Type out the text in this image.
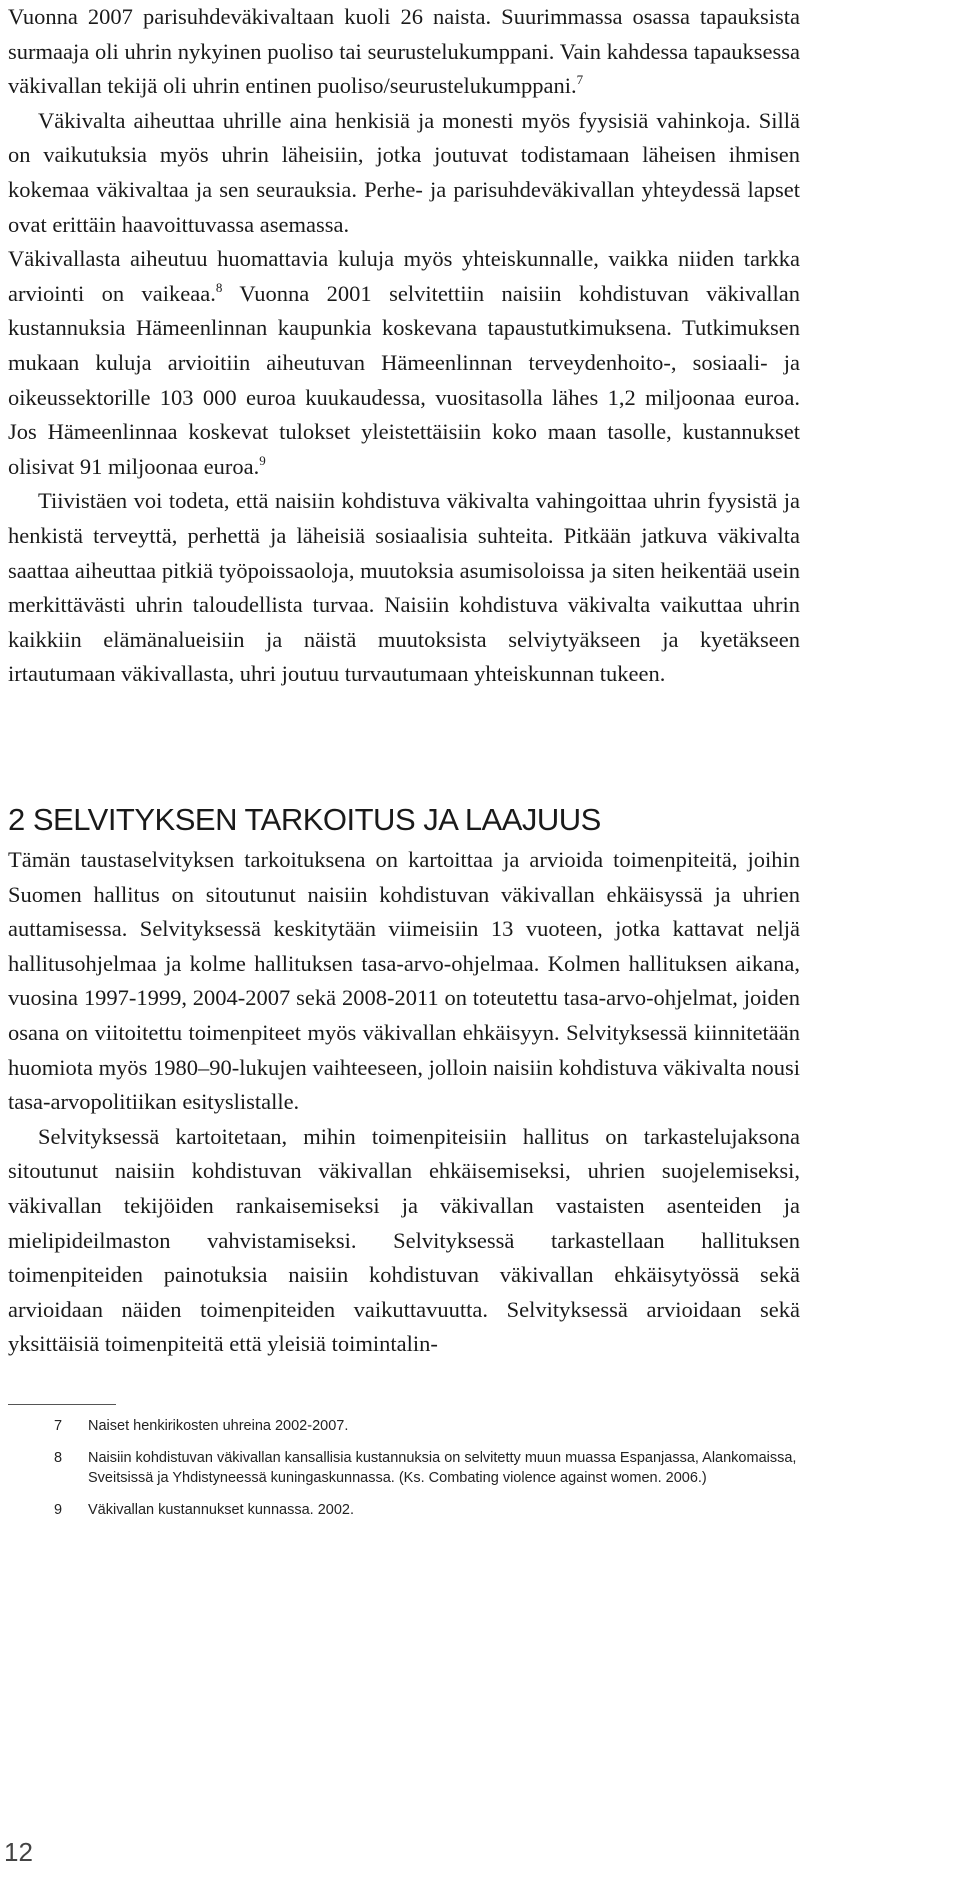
Vuonna 2007 parisuhdeväkivaltaan kuoli 26 naista. Suurimmassa osassa tapauksista surmaaja oli uhrin nykyinen puoliso tai seurustelukumppani. Vain kahdessa tapauksessa väkivallan tekijä oli uhrin entinen puoliso/seurustelukumppani.$^7$

Väkivalta aiheuttaa uhrille aina henkisiä ja monesti myös fyysisiä vahinkoja. Sillä on vaikutuksia myös uhrin läheisiin, jotka joutuvat todistamaan läheisen ihmisen kokemaa väkivaltaa ja sen seurauksia. Perhe- ja parisuhdeväkivallan yhteydessä lapset ovat erittäin haavoittuvassa asemassa.

Väkivallasta aiheutuu huomattavia kuluja myös yhteiskunnalle, vaikka niiden tarkka arviointi on vaikeaa.$^8$ Vuonna 2001 selvitettiin naisiin kohdistuvan väkivallan kustannuksia Hämeenlinnan kaupunkia koskevana tapaustutkimuksena. Tutkimuksen mukaan kuluja arvioitiin aiheutuvan Hämeenlinnan terveydenhoito-, sosiaali- ja oikeussektorille 103 000 euroa kuukaudessa, vuositasolla lähes 1,2 miljoonaa euroa. Jos Hämeenlinnaa koskevat tulokset yleistettäisiin koko maan tasolle, kustannukset olisivat 91 miljoonaa euroa.$^9$

Tiivistäen voi todeta, että naisiin kohdistuva väkivalta vahingoittaa uhrin fyysistä ja henkistä terveyttä, perhettä ja läheisiä sosiaalisia suhteita. Pitkään jatkuva väkivalta saattaa aiheuttaa pitkiä työpoissaoloja, muutoksia asumisoloissa ja siten heikentää usein merkittävästi uhrin taloudellista turvaa. Naisiin kohdistuva väkivalta vaikuttaa uhrin kaikkiin elämänalueisiin ja näistä muutoksista selviytyäkseen ja kyetäkseen irtautumaan väkivallasta, uhri joutuu turvautumaan yhteiskunnan tukeen.

2 SELVITYKSEN TARKOITUS JA LAAJUUS

Tämän taustaselvityksen tarkoituksena on kartoittaa ja arvioida toimenpiteitä, joihin Suomen hallitus on sitoutunut naisiin kohdistuvan väkivallan ehkäisyssä ja uhrien auttamisessa. Selvityksessä keskitytään viimeisiin 13 vuoteen, jotka kattavat neljä hallitusohjelmaa ja kolme hallituksen tasa-arvo-ohjelmaa. Kolmen hallituksen aikana, vuosina 1997-1999, 2004-2007 sekä 2008-2011 on toteutettu tasa-arvo-ohjelmat, joiden osana on viitoitettu toimenpiteet myös väkivallan ehkäisyyn. Selvityksessä kiinnitetään huomiota myös 1980–90-lukujen vaihteeseen, jolloin naisiin kohdistuva väkivalta nousi tasa-arvopolitiikan esityslistalle.

Selvityksessä kartoitetaan, mihin toimenpiteisiin hallitus on tarkastelujaksona sitoutunut naisiin kohdistuvan väkivallan ehkäisemiseksi, uhrien suojelemiseksi, väkivallan tekijöiden rankaisemiseksi ja väkivallan vastaisten asenteiden ja mielipideilmaston vahvistamiseksi. Selvityksessä tarkastellaan hallituksen toimenpiteiden painotuksia naisiin kohdistuvan väkivallan ehkäisytyössä sekä arvioidaan näiden toimenpiteiden vaikuttavuutta. Selvityksessä arvioidaan sekä yksittäisiä toimenpiteitä että yleisiä toimintalin-

7 Naiset henkirikosten uhreina 2002-2007.
8 Naisiin kohdistuvan väkivallan kansallisia kustannuksia on selvitetty muun muassa Espanjassa, Alankomaissa, Sveitsissä ja Yhdistyneessä kuningaskunnassa. (Ks. Combating violence against women. 2006.)
9 Väkivallan kustannukset kunnassa. 2002.
12
